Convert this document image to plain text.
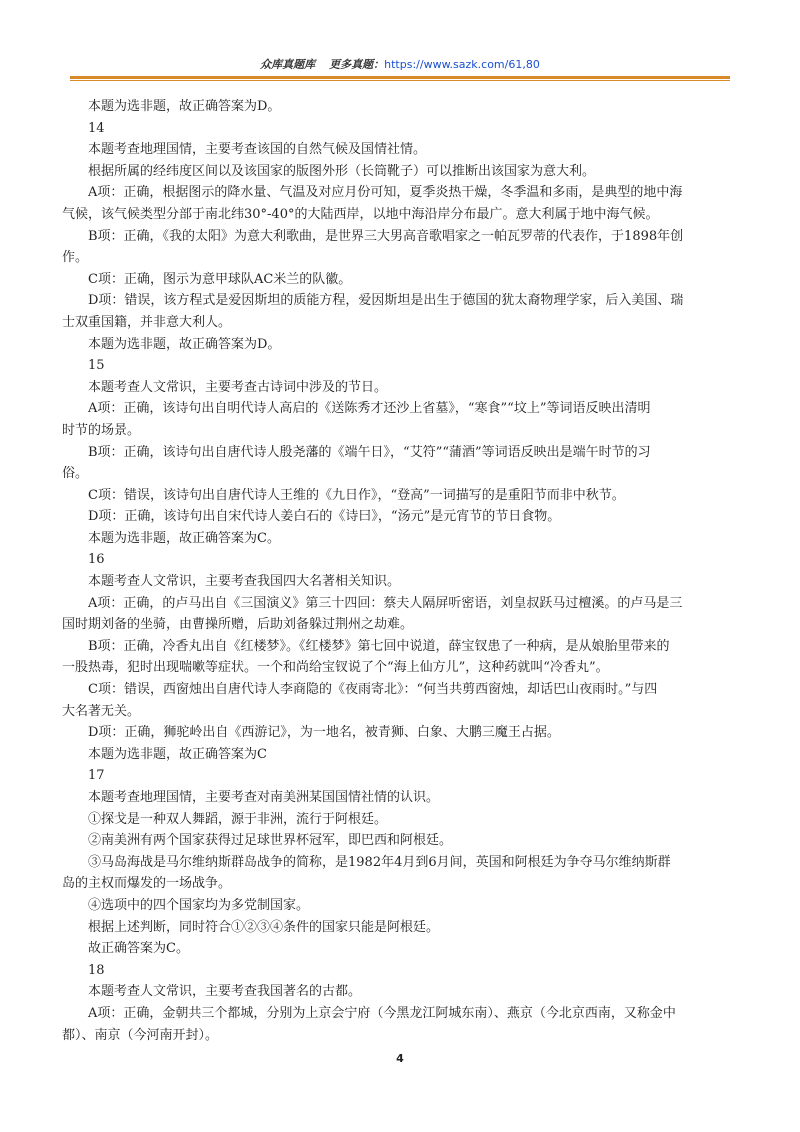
众库真题库 更多真题：https://www.sazk.com/61,80

本题为选非题，故正确答案为D。

14

本题考查地理国情，主要考查该国的自然气候及国情社情。

根据所属的经纬度区间以及该国家的版图外形（长筒靴子）可以推断出该国家为意大利。

A项：正确，根据图示的降水量、气温及对应月份可知，夏季炎热干燥，冬季温和多雨，是典型的地中海

气候，该气候类型分部于南北纬30°-40°的大陆西岸，以地中海沿岸分布最广。意大利属于地中海气候。

B项：正确，《我的太阳》为意大利歌曲，是世界三大男高音歌唱家之一帕瓦罗蒂的代表作，于1898年创

作。

C项：正确，图示为意甲球队AC米兰的队徽。

D项：错误，该方程式是爱因斯坦的质能方程，爱因斯坦是出生于德国的犹太裔物理学家，后入美国、瑞

士双重国籍，并非意大利人。

本题为选非题，故正确答案为D。

15

本题考查人文常识，主要考查古诗词中涉及的节日。

A项：正确，该诗句出自明代诗人高启的《送陈秀才还沙上省墓》，“寒食”“坟上”等词语反映出清明

时节的场景。

B项：正确，该诗句出自唐代诗人殷尧藩的《端午日》，“艾符”“蒲酒”等词语反映出是端午时节的习

俗。

C项：错误，该诗句出自唐代诗人王维的《九日作》，“登高”一词描写的是重阳节而非中秋节。

D项：正确，该诗句出自宋代诗人姜白石的《诗曰》，“汤元”是元宵节的节日食物。

本题为选非题，故正确答案为C。

16

本题考查人文常识，主要考查我国四大名著相关知识。

A项：正确，的卢马出自《三国演义》第三十四回：蔡夫人隔屏听密语，刘皇叔跃马过檀溪。的卢马是三

国时期刘备的坐骑，由曹操所赠，后助刘备躲过荆州之劫难。

B项：正确，冷香丸出自《红楼梦》。《红楼梦》第七回中说道，薛宝钗患了一种病，是从娘胎里带来的

一股热毒，犯时出现喘嗽等症状。一个和尚给宝钗说了个“海上仙方儿”，这种药就叫“冷香丸”。

C项：错误，西窗烛出自唐代诗人李商隐的《夜雨寄北》：“何当共剪西窗烛，却话巴山夜雨时。”与四

大名著无关。

D项：正确，狮驼岭出自《西游记》，为一地名，被青狮、白象、大鹏三魔王占据。

本题为选非题，故正确答案为C

17

本题考查地理国情，主要考查对南美洲某国国情社情的认识。

①探戈是一种双人舞蹈，源于非洲，流行于阿根廷。

②南美洲有两个国家获得过足球世界杯冠军，即巴西和阿根廷。

③马岛海战是马尔维纳斯群岛战争的简称，是1982年4月到6月间，英国和阿根廷为争夺马尔维纳斯群

岛的主权而爆发的一场战争。

④选项中的四个国家均为多党制国家。

根据上述判断，同时符合①②③④条件的国家只能是阿根廷。

故正确答案为C。

18

本题考查人文常识，主要考查我国著名的古都。

A项：正确，金朝共三个都城，分别为上京会宁府（今黑龙江阿城东南）、燕京（今北京西南，又称金中

都）、南京（今河南开封）。

4
